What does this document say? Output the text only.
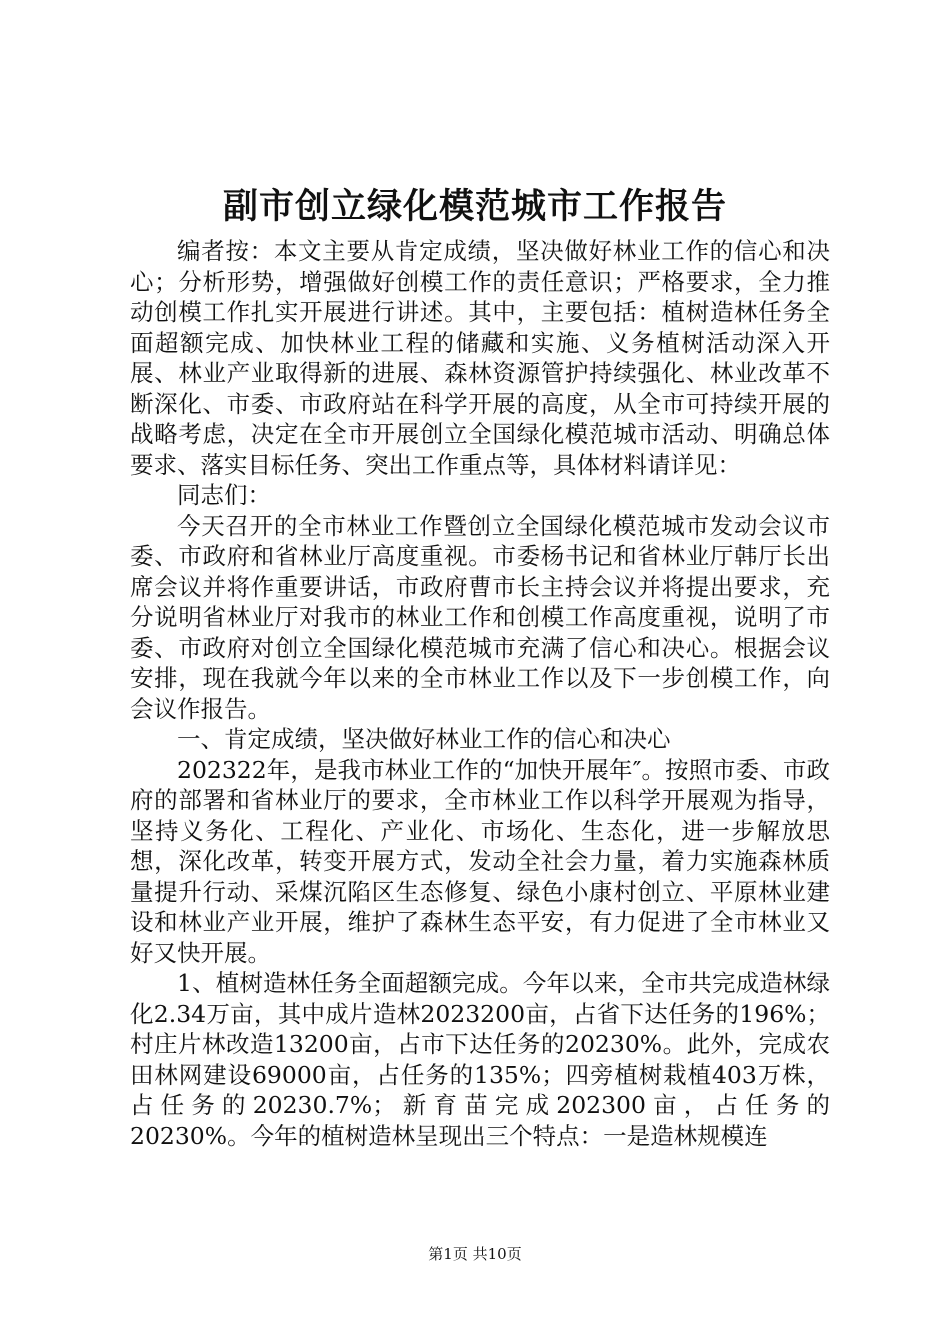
副市创立绿化模范城市工作报告

编者按：本文主要从肯定成绩，坚决做好林业工作的信心和决心；分析形势，增强做好创模工作的责任意识；严格要求，全力推动创模工作扎实开展进行讲述。其中，主要包括：植树造林任务全面超额完成、加快林业工程的储藏和实施、义务植树活动深入开展、林业产业取得新的进展、森林资源管护持续强化、林业改革不断深化、市委、市政府站在科学开展的高度，从全市可持续开展的战略考虑，决定在全市开展创立全国绿化模范城市活动、明确总体要求、落实目标任务、突出工作重点等，具体材料请详见：

同志们：

今天召开的全市林业工作暨创立全国绿化模范城市发动会议市委、市政府和省林业厅高度重视。市委杨书记和省林业厅韩厅长出席会议并将作重要讲话，市政府曹市长主持会议并将提出要求，充分说明省林业厅对我市的林业工作和创模工作高度重视，说明了市委、市政府对创立全国绿化模范城市充满了信心和决心。根据会议安排，现在我就今年以来的全市林业工作以及下一步创模工作，向会议作报告。

一、肯定成绩，坚决做好林业工作的信心和决心

202322年，是我市林业工作的“加快开展年″。按照市委、市政府的部署和省林业厅的要求，全市林业工作以科学开展观为指导，坚持义务化、工程化、产业化、市场化、生态化，进一步解放思想，深化改革，转变开展方式，发动全社会力量，着力实施森林质量提升行动、采煤沉陷区生态修复、绿色小康村创立、平原林业建设和林业产业开展，维护了森林生态平安，有力促进了全市林业又好又快开展。

1、植树造林任务全面超额完成。今年以来，全市共完成造林绿化2.34万亩，其中成片造林2023200亩，占省下达任务的196%；村庄片林改造13200亩，占市下达任务的20230%。此外，完成农田林网建设69000亩，占任务的135%；四旁植树栽植403万株，占任务的20230.7%；新育苗完成202300亩，占任务的20230%。今年的植树造林呈现出三个特点：一是造林规模连

第1页 共10页
